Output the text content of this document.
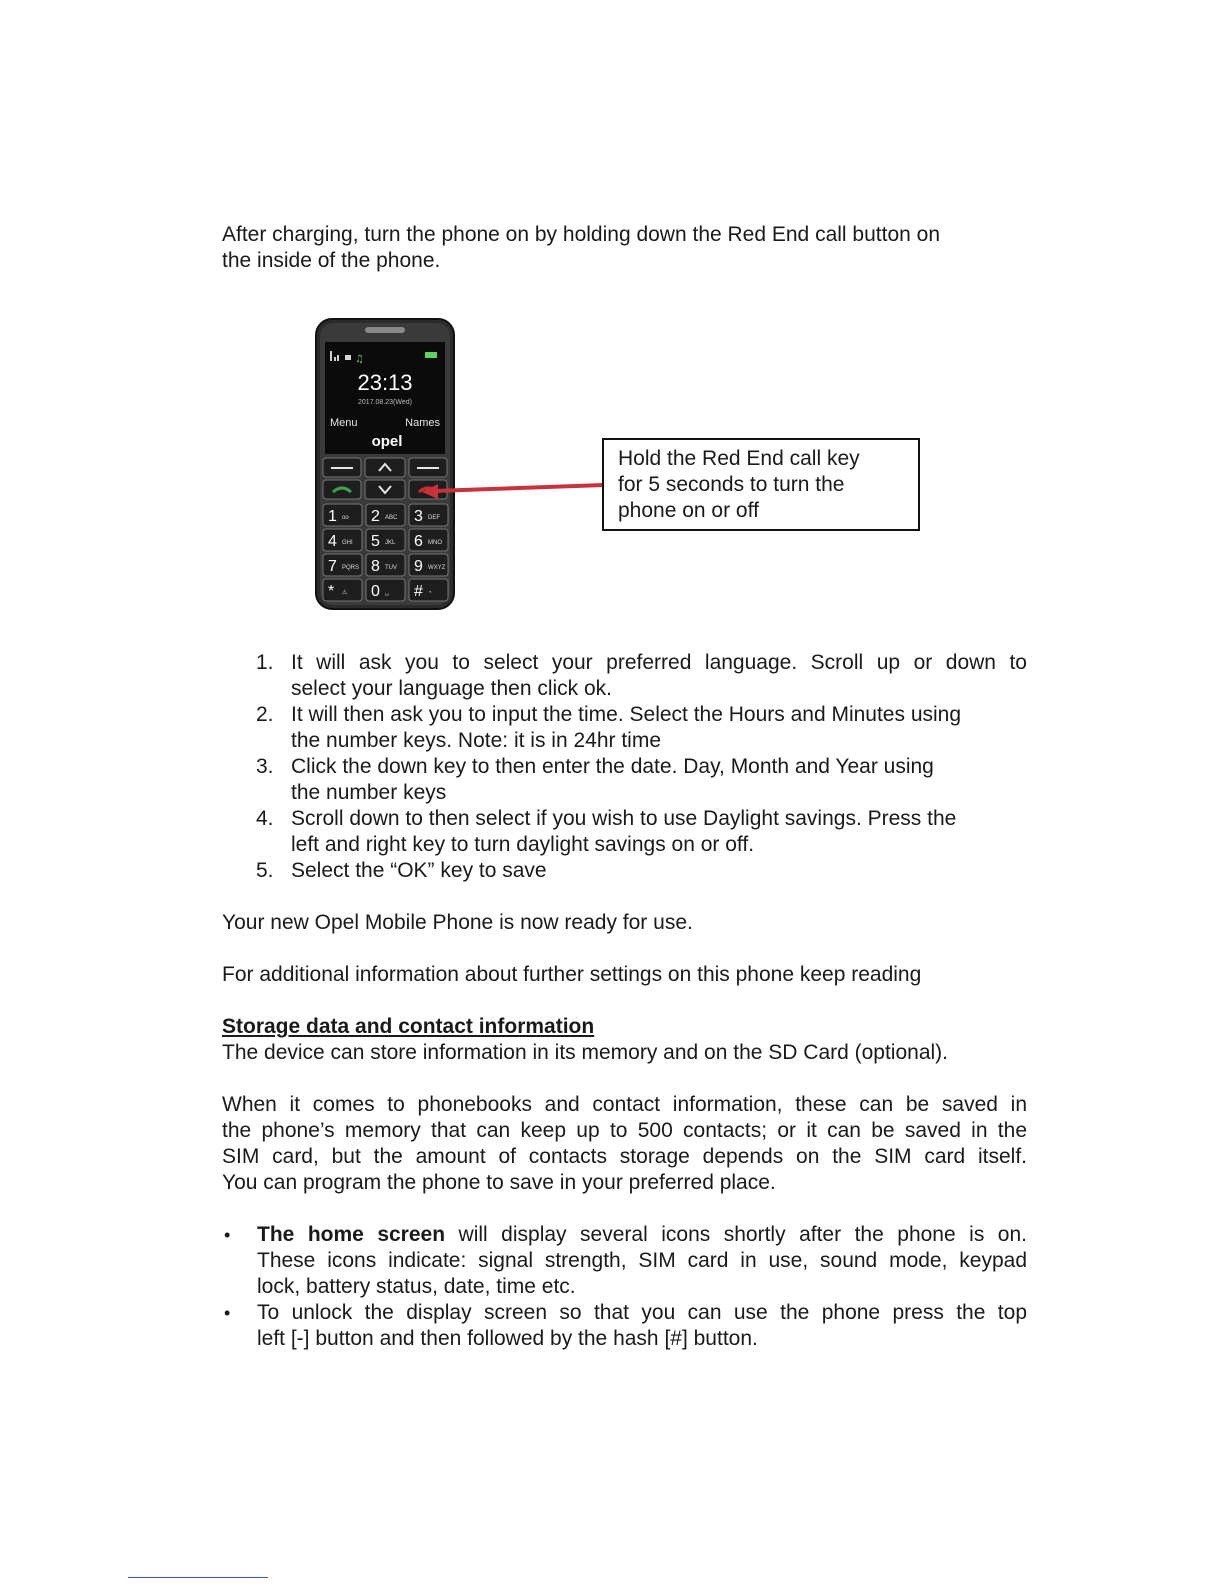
After charging, turn the phone on by holding down the Red End call button on
the inside of the phone.
♫
23:13
2017.08.23(Wed)
Menu	Names
opel
1 oo 2 ABC 3 DEF
4 GHI 5 JKL 6 MNO
7 PQRS 8 TUV 9 WXYZ
* ⚠ 0 ␣ # ◔
Hold the Red End call key
for 5 seconds to turn the
phone on or off
1. It will ask you to select your preferred language. Scroll up or down to
select your language then click ok.
2. It will then ask you to input the time. Select the Hours and Minutes using
the number keys. Note: it is in 24hr time
3. Click the down key to then enter the date. Day, Month and Year using
the number keys
4. Scroll down to then select if you wish to use Daylight savings. Press the
left and right key to turn daylight savings on or off.
5. Select the “OK” key to save
Your new Opel Mobile Phone is now ready for use.
For additional information about further settings on this phone keep reading
Storage data and contact information
The device can store information in its memory and on the SD Card (optional).
When it comes to phonebooks and contact information, these can be saved in
the phone’s memory that can keep up to 500 contacts; or it can be saved in the
SIM card, but the amount of contacts storage depends on the SIM card itself.
You can program the phone to save in your preferred place.
• The home screen will display several icons shortly after the phone is on.
These icons indicate: signal strength, SIM card in use, sound mode, keypad
lock, battery status, date, time etc.
• To unlock the display screen so that you can use the phone press the top
left [-] button and then followed by the hash [#] button.
